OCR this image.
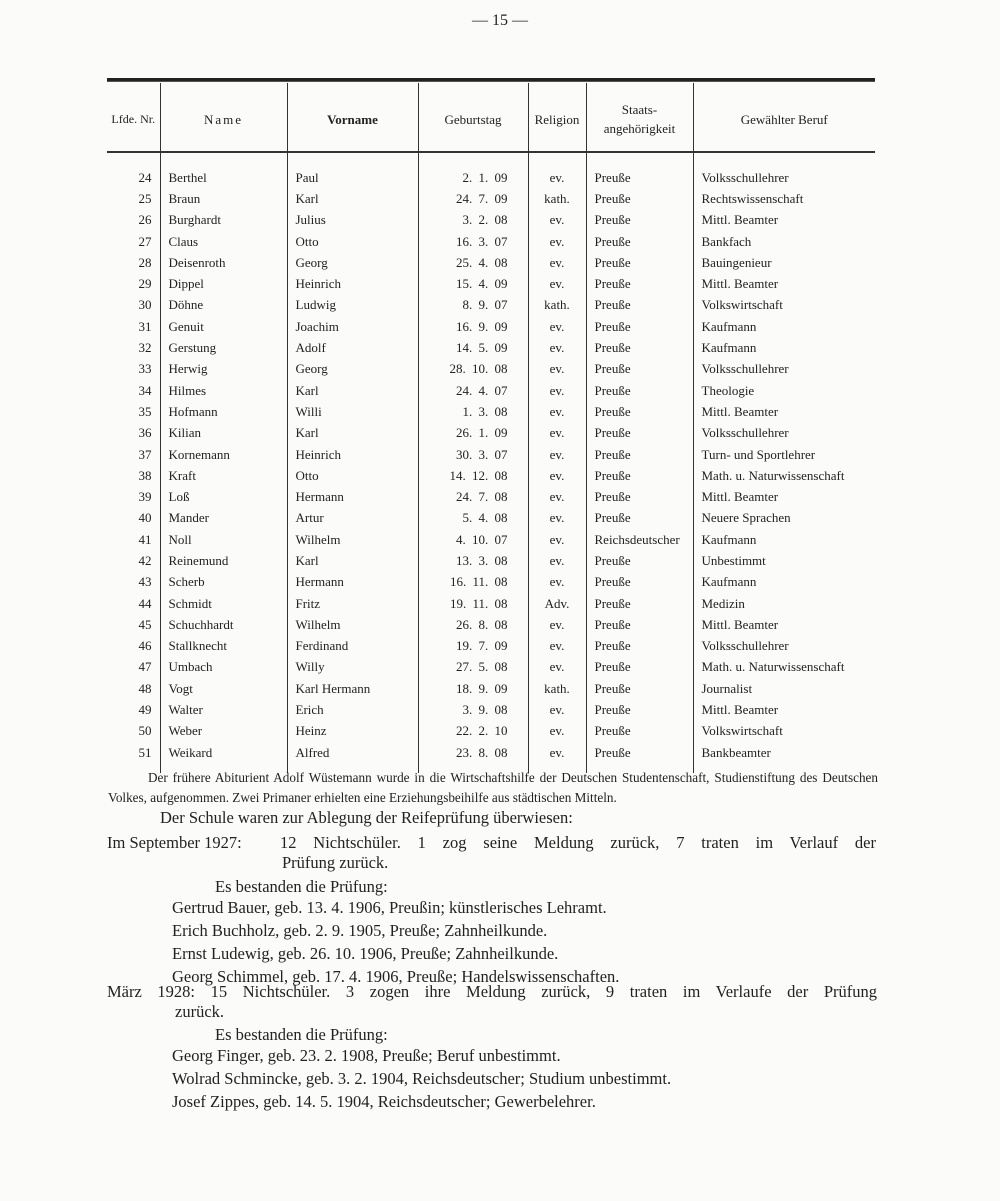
— 15 —
Lfde. Nr.	Name	Vorname	Geburtstag	Religion	Staats- angehörigkeit	Gewählter Beruf
24	Berthel	Paul	2. 1. 09	ev.	Preuße	Volksschullehrer
25	Braun	Karl	24. 7. 09	kath.	Preuße	Rechtswissenschaft
26	Burghardt	Julius	3. 2. 08	ev.	Preuße	Mittl. Beamter
27	Claus	Otto	16. 3. 07	ev.	Preuße	Bankfach
28	Deisenroth	Georg	25. 4. 08	ev.	Preuße	Bauingenieur
29	Dippel	Heinrich	15. 4. 09	ev.	Preuße	Mittl. Beamter
30	Döhne	Ludwig	8. 9. 07	kath.	Preuße	Volkswirtschaft
31	Genuit	Joachim	16. 9. 09	ev.	Preuße	Kaufmann
32	Gerstung	Adolf	14. 5. 09	ev.	Preuße	Kaufmann
33	Herwig	Georg	28. 10. 08	ev.	Preuße	Volksschullehrer
34	Hilmes	Karl	24. 4. 07	ev.	Preuße	Theologie
35	Hofmann	Willi	1. 3. 08	ev.	Preuße	Mittl. Beamter
36	Kilian	Karl	26. 1. 09	ev.	Preuße	Volksschullehrer
37	Kornemann	Heinrich	30. 3. 07	ev.	Preuße	Turn- und Sportlehrer
38	Kraft	Otto	14. 12. 08	ev.	Preuße	Math. u. Naturwissenschaft
39	Loß	Hermann	24. 7. 08	ev.	Preuße	Mittl. Beamter
40	Mander	Artur	5. 4. 08	ev.	Preuße	Neuere Sprachen
41	Noll	Wilhelm	4. 10. 07	ev.	Reichsdeutscher	Kaufmann
42	Reinemund	Karl	13. 3. 08	ev.	Preuße	Unbestimmt
43	Scherb	Hermann	16. 11. 08	ev.	Preuße	Kaufmann
44	Schmidt	Fritz	19. 11. 08	Adv.	Preuße	Medizin
45	Schuchhardt	Wilhelm	26. 8. 08	ev.	Preuße	Mittl. Beamter
46	Stallknecht	Ferdinand	19. 7. 09	ev.	Preuße	Volksschullehrer
47	Umbach	Willy	27. 5. 08	ev.	Preuße	Math. u. Naturwissenschaft
48	Vogt	Karl Hermann	18. 9. 09	kath.	Preuße	Journalist
49	Walter	Erich	3. 9. 08	ev.	Preuße	Mittl. Beamter
50	Weber	Heinz	22. 2. 10	ev.	Preuße	Volkswirtschaft
51	Weikard	Alfred	23. 8. 08	ev.	Preuße	Bankbeamter
Der frühere Abiturient Adolf Wüstemann wurde in die Wirtschaftshilfe der Deutschen Studentenschaft, Studienstiftung des Deutschen Volkes, aufgenommen. Zwei Primaner erhielten eine Erziehungsbeihilfe aus städtischen Mitteln.
Der Schule waren zur Ablegung der Reifeprüfung überwiesen:
Im September 1927: 12 Nichtschüler. 1 zog seine Meldung zurück, 7 traten im Verlauf der
Prüfung zurück.
Es bestanden die Prüfung:
Gertrud Bauer, geb. 13. 4. 1906, Preußin; künstlerisches Lehramt.
Erich Buchholz, geb. 2. 9. 1905, Preuße; Zahnheilkunde.
Ernst Ludewig, geb. 26. 10. 1906, Preuße; Zahnheilkunde.
Georg Schimmel, geb. 17. 4. 1906, Preuße; Handelswissenschaften.
März 1928: 15 Nichtschüler. 3 zogen ihre Meldung zurück, 9 traten im Verlaufe der Prüfung
zurück.
Es bestanden die Prüfung:
Georg Finger, geb. 23. 2. 1908, Preuße; Beruf unbestimmt.
Wolrad Schmincke, geb. 3. 2. 1904, Reichsdeutscher; Studium unbestimmt.
Josef Zippes, geb. 14. 5. 1904, Reichsdeutscher; Gewerbelehrer.
